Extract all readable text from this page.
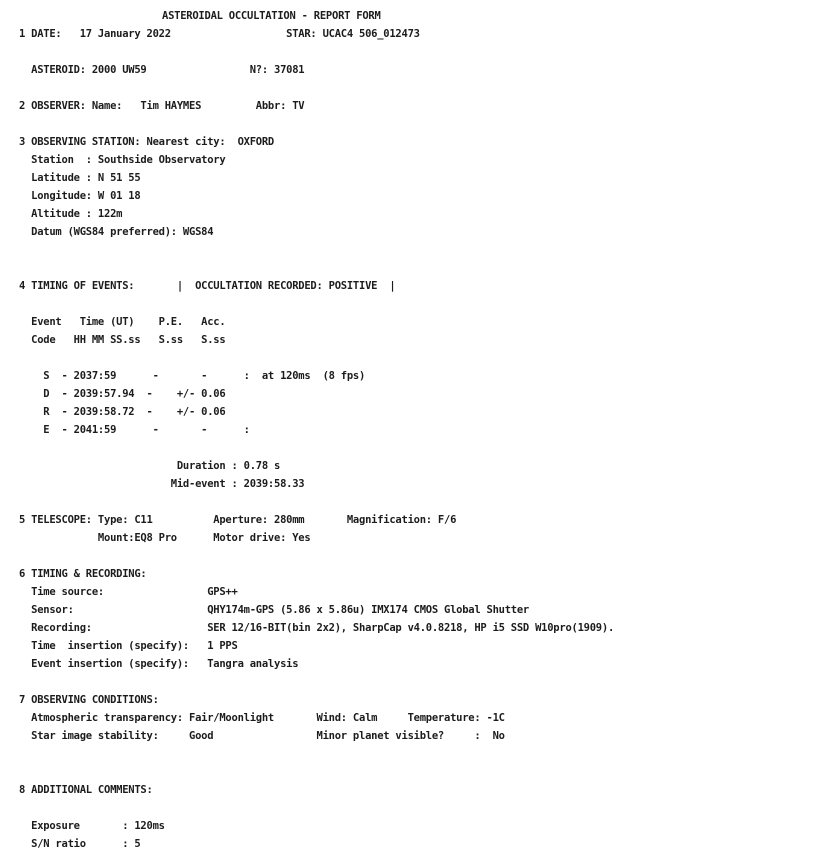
ASTEROIDAL OCCULTATION - REPORT FORM
1 DATE:   17 January 2022                   STAR: UCAC4 506_012473
ASTEROID: 2000 UW59                 N?: 37081
2 OBSERVER: Name:   Tim HAYMES         Abbr: TV
3 OBSERVING STATION: Nearest city:  OXFORD
Station  : Southside Observatory
Latitude : N 51 55
Longitude: W 01 18
Altitude : 122m
Datum (WGS84 preferred): WGS84
4 TIMING OF EVENTS:       |  OCCULTATION RECORDED: POSITIVE  |
Event   Time (UT)    P.E.   Acc.
Code   HH MM SS.ss   S.ss   S.ss
S  - 2037:59      -       -      :  at 120ms  (8 fps)
D  - 2039:57.94  -    +/- 0.06
R  - 2039:58.72  -    +/- 0.06
E  - 2041:59      -       -      :
Duration : 0.78 s
Mid-event : 2039:58.33
5 TELESCOPE: Type: C11          Aperture: 280mm       Magnification: F/6
Mount:EQ8 Pro      Motor drive: Yes
6 TIMING & RECORDING:
Time source:                 GPS++
Sensor:                      QHY174m-GPS (5.86 x 5.86u) IMX174 CMOS Global Shutter
Recording:                   SER 12/16-BIT(bin 2x2), SharpCap v4.0.8218, HP i5 SSD W10pro(1909).
Time  insertion (specify):   1 PPS
Event insertion (specify):   Tangra analysis
7 OBSERVING CONDITIONS:
Atmospheric transparency: Fair/Moonlight       Wind: Calm     Temperature: -1C
Star image stability:     Good                 Minor planet visible?     :  No
8 ADDITIONAL COMMENTS:
Exposure       : 120ms
S/N ratio      : 5
